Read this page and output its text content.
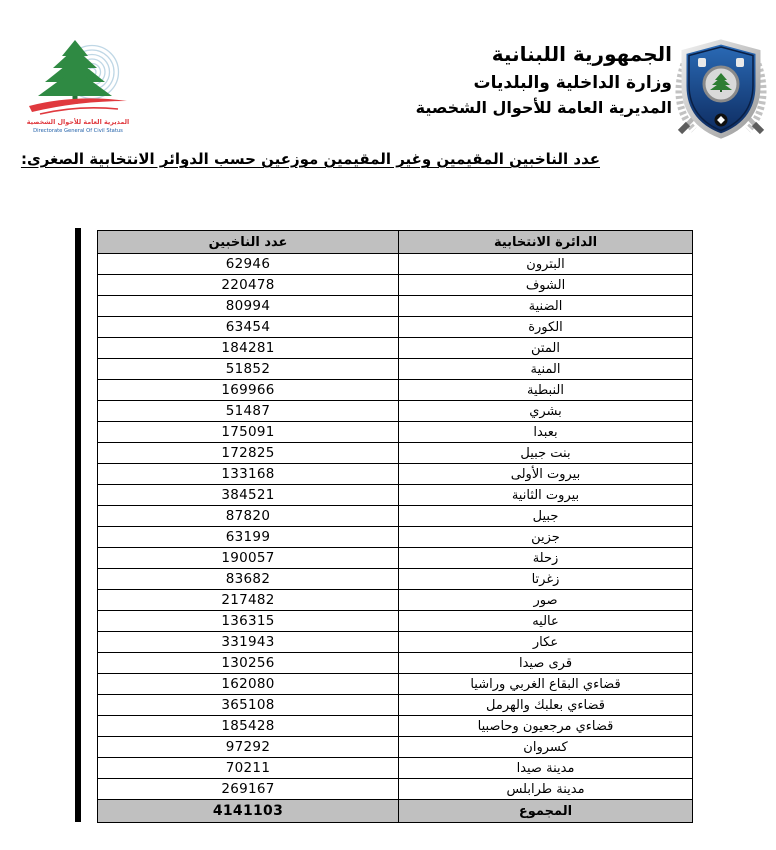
المديرية العامة للأحوال الشخصية
Directorate General Of Civil Status
الجمهورية اللبنانية
وزارة الداخلية والبلديات
المديرية العامة للأحوال الشخصية
عدد الناخبين المقيمين وغير المقيمين موزعين حسب الدوائر الانتخابية الصغرى:
عدد الناخبين	الدائرة الانتخابية
62946	البترون
220478	الشوف
80994	الضنية
63454	الكورة
184281	المتن
51852	المنية
169966	النبطية
51487	بشري
175091	بعبدا
172825	بنت جبيل
133168	بيروت الأولى
384521	بيروت الثانية
87820	جبيل
63199	جزين
190057	زحلة
83682	زغرتا
217482	صور
136315	عاليه
331943	عكار
130256	قرى صيدا
162080	قضاءي البقاع الغربي وراشيا
365108	قضاءي بعلبك والهرمل
185428	قضاءي مرجعيون وحاصبيا
97292	كسروان
70211	مدينة صيدا
269167	مدينة طرابلس
4141103	المجموع
